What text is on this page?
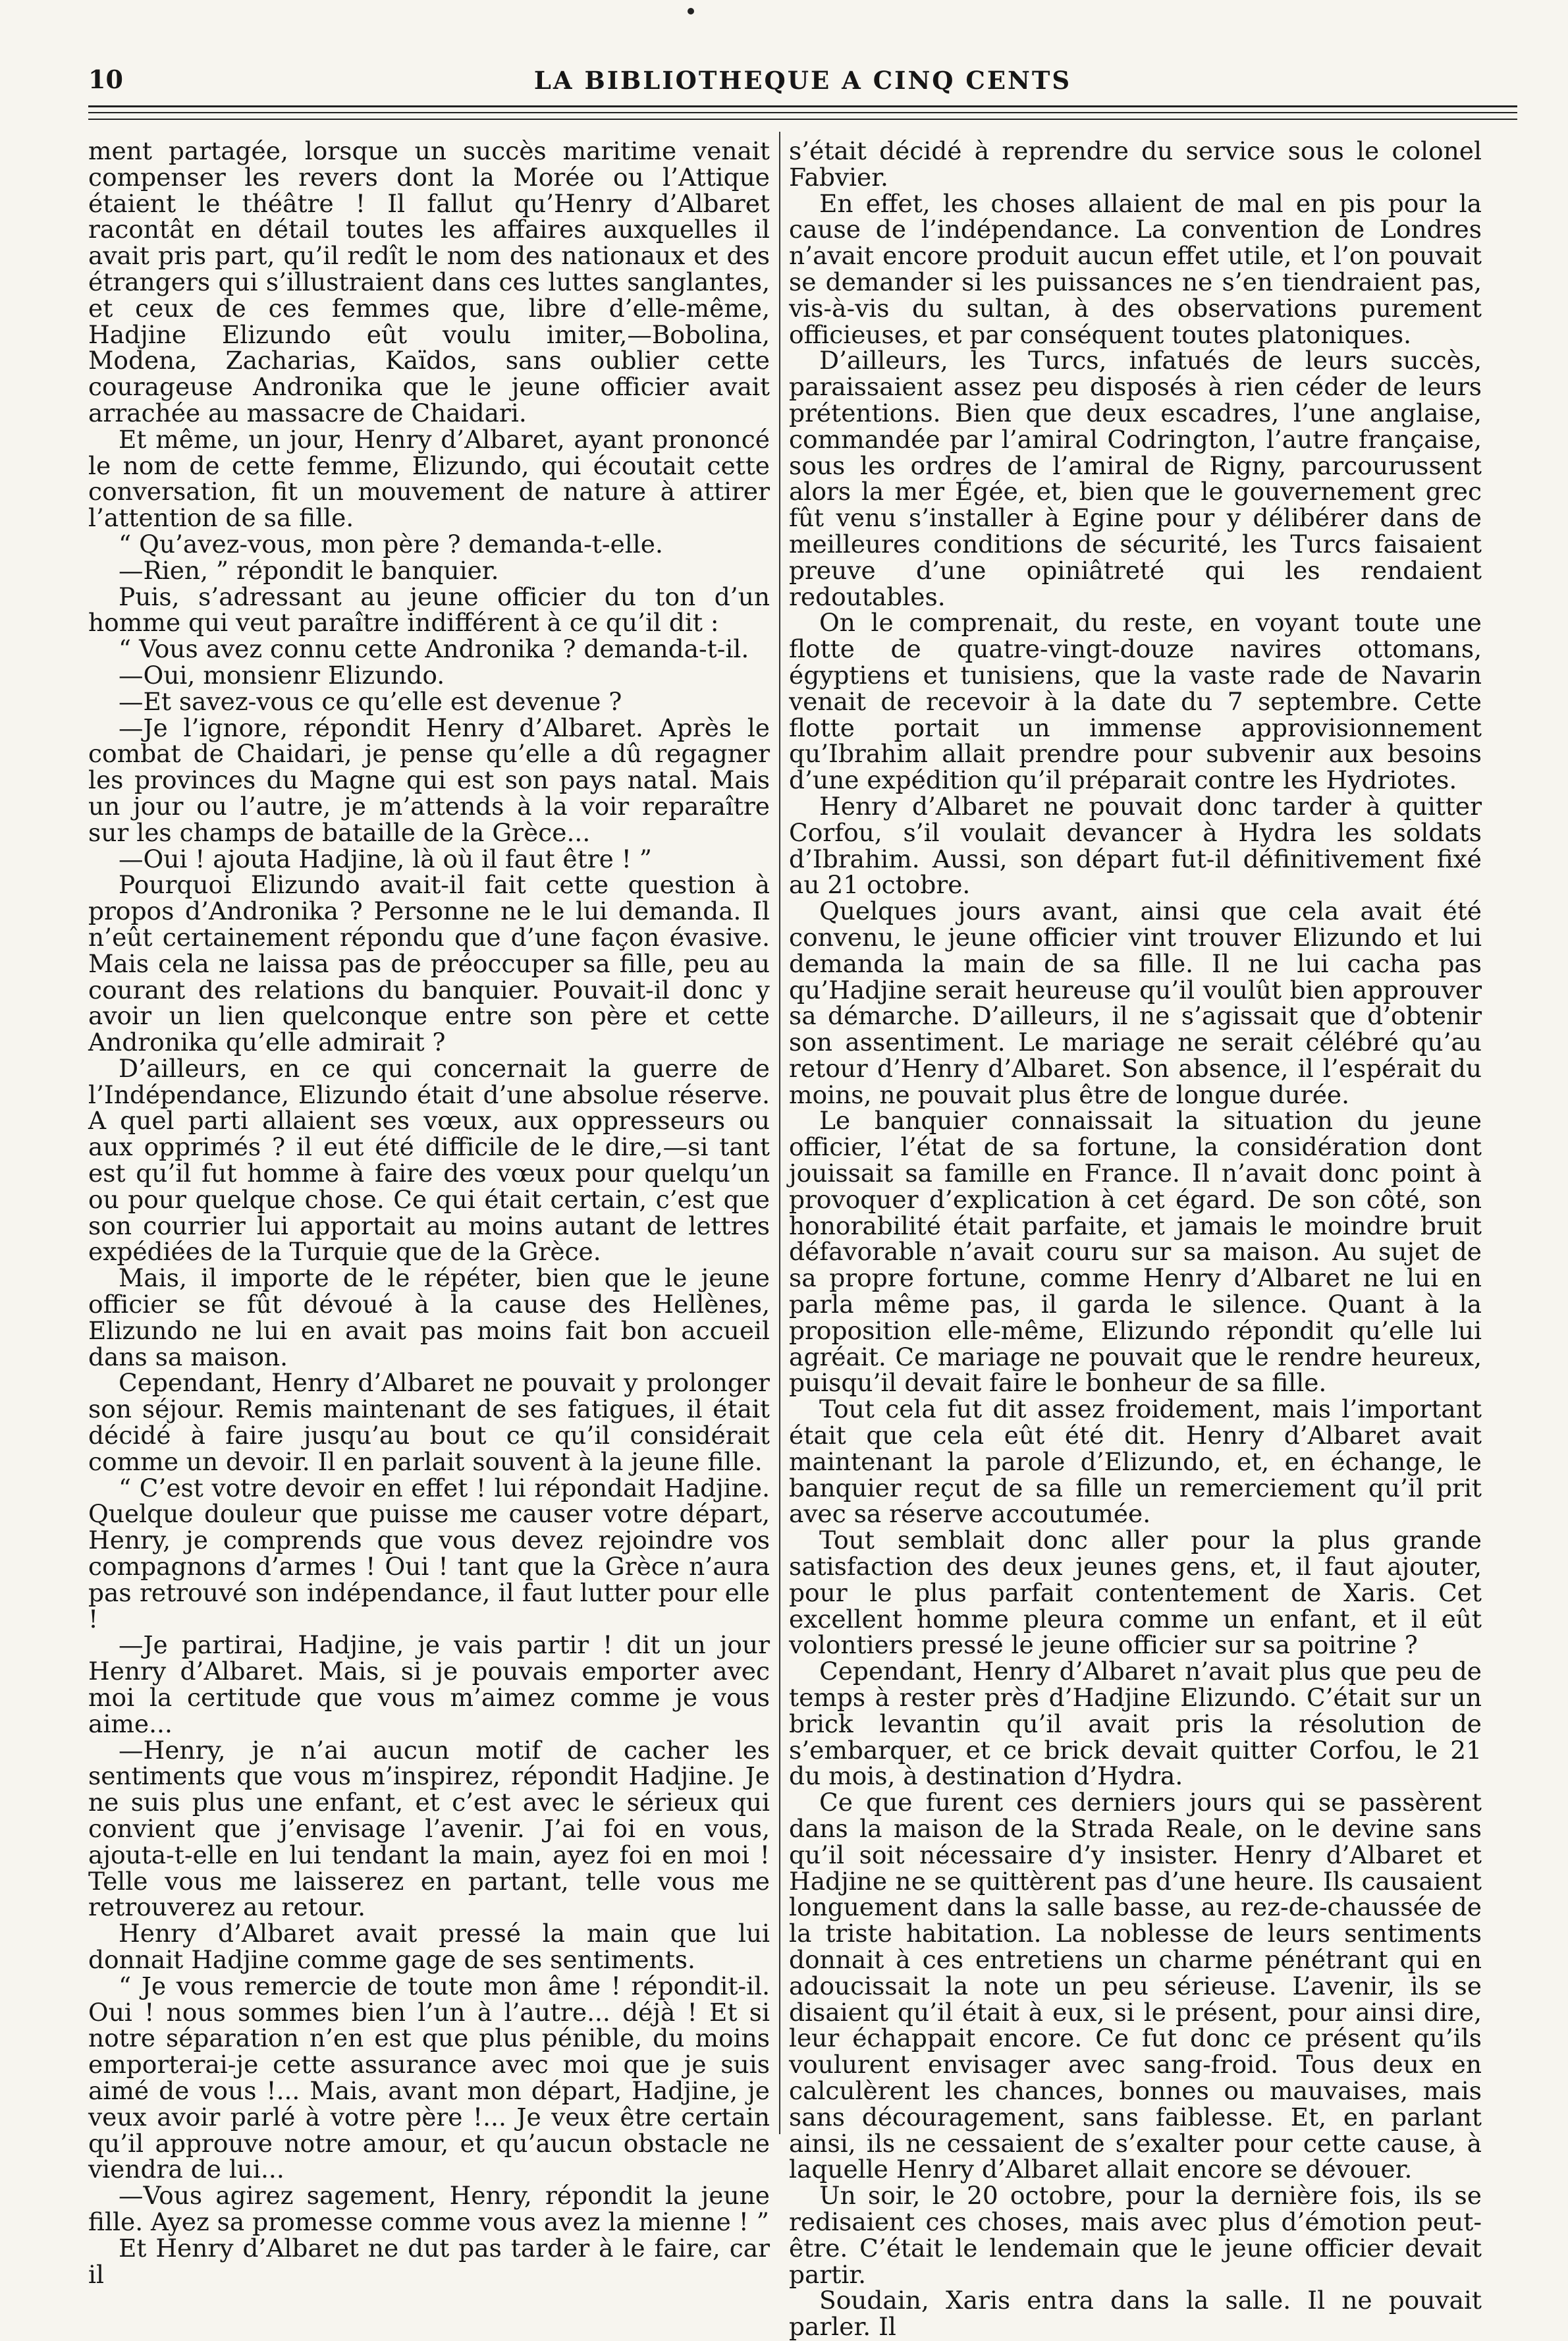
10	LA BIBLIOTHEQUE A CINQ CENTS

ment partagée, lorsque un succès maritime venait compenser les revers dont la Morée ou l’Attique étaient le théâtre ! Il fallut qu’Henry d’Albaret racontât en détail toutes les affaires auxquelles il avait pris part, qu’il redît le nom des nationaux et des étrangers qui s’illustraient dans ces luttes sanglantes, et ceux de ces femmes que, libre d’elle-même, Hadjine Elizundo eût voulu imiter,—Bobolina, Modena, Zacharias, Kaïdos, sans oublier cette courageuse Andronika que le jeune officier avait arrachée au massacre de Chaidari.

Et même, un jour, Henry d’Albaret, ayant prononcé le nom de cette femme, Elizundo, qui écoutait cette conversation, fit un mouvement de nature à attirer l’attention de sa fille.

“ Qu’avez-vous, mon père ? demanda-t-elle.

—Rien, ” répondit le banquier.

Puis, s’adressant au jeune officier du ton d’un homme qui veut paraître indifférent à ce qu’il dit :

“ Vous avez connu cette Andronika ? demanda-t-il.

—Oui, monsienr Elizundo.

—Et savez-vous ce qu’elle est devenue ?

—Je l’ignore, répondit Henry d’Albaret. Après le combat de Chaidari, je pense qu’elle a dû regagner les provinces du Magne qui est son pays natal. Mais un jour ou l’autre, je m’attends à la voir reparaître sur les champs de bataille de la Grèce...

—Oui ! ajouta Hadjine, là où il faut être ! ”

Pourquoi Elizundo avait-il fait cette question à propos d’Andronika ? Personne ne le lui demanda. Il n’eût certainement répondu que d’une façon évasive. Mais cela ne laissa pas de préoccuper sa fille, peu au courant des relations du banquier. Pouvait-il donc y avoir un lien quelconque entre son père et cette Andronika qu’elle admirait ?

D’ailleurs, en ce qui concernait la guerre de l’Indépendance, Elizundo était d’une absolue réserve. A quel parti allaient ses vœux, aux oppresseurs ou aux opprimés ? il eut été difficile de le dire,—si tant est qu’il fut homme à faire des vœux pour quelqu’un ou pour quelque chose. Ce qui était certain, c’est que son courrier lui apportait au moins autant de lettres expédiées de la Turquie que de la Grèce.

Mais, il importe de le répéter, bien que le jeune officier se fût dévoué à la cause des Hellènes, Elizundo ne lui en avait pas moins fait bon accueil dans sa maison.

Cependant, Henry d’Albaret ne pouvait y prolonger son séjour. Remis maintenant de ses fatigues, il était décidé à faire jusqu’au bout ce qu’il considérait comme un devoir. Il en parlait souvent à la jeune fille.

“ C’est votre devoir en effet ! lui répondait Hadjine. Quelque douleur que puisse me causer votre départ, Henry, je comprends que vous devez rejoindre vos compagnons d’armes ! Oui ! tant que la Grèce n’aura pas retrouvé son indépendance, il faut lutter pour elle !

—Je partirai, Hadjine, je vais partir ! dit un jour Henry d’Albaret. Mais, si je pouvais emporter avec moi la certitude que vous m’aimez comme je vous aime...

—Henry, je n’ai aucun motif de cacher les sentiments que vous m’inspirez, répondit Hadjine. Je ne suis plus une enfant, et c’est avec le sérieux qui convient que j’envisage l’avenir. J’ai foi en vous, ajouta-t-elle en lui tendant la main, ayez foi en moi ! Telle vous me laisserez en partant, telle vous me retrouverez au retour.

Henry d’Albaret avait pressé la main que lui donnait Hadjine comme gage de ses sentiments.

“ Je vous remercie de toute mon âme ! répondit-il. Oui ! nous sommes bien l’un à l’autre... déjà ! Et si notre séparation n’en est que plus pénible, du moins emporterai-je cette assurance avec moi que je suis aimé de vous !... Mais, avant mon départ, Hadjine, je veux avoir parlé à votre père !... Je veux être certain qu’il approuve notre amour, et qu’aucun obstacle ne viendra de lui...

—Vous agirez sagement, Henry, répondit la jeune fille. Ayez sa promesse comme vous avez la mienne ! ”

Et Henry d’Albaret ne dut pas tarder à le faire, car il

s’était décidé à reprendre du service sous le colonel Fabvier.

En effet, les choses allaient de mal en pis pour la cause de l’indépendance. La convention de Londres n’avait encore produit aucun effet utile, et l’on pouvait se demander si les puissances ne s’en tiendraient pas, vis-à-vis du sultan, à des observations purement officieuses, et par conséquent toutes platoniques.

D’ailleurs, les Turcs, infatués de leurs succès, paraissaient assez peu disposés à rien céder de leurs prétentions. Bien que deux escadres, l’une anglaise, commandée par l’amiral Codrington, l’autre française, sous les ordres de l’amiral de Rigny, parcourussent alors la mer Égée, et, bien que le gouvernement grec fût venu s’installer à Egine pour y délibérer dans de meilleures conditions de sécurité, les Turcs faisaient preuve d’une opiniâtreté qui les rendaient redoutables.

On le comprenait, du reste, en voyant toute une flotte de quatre-vingt-douze navires ottomans, égyptiens et tunisiens, que la vaste rade de Navarin venait de recevoir à la date du 7 septembre. Cette flotte portait un immense approvisionnement qu’Ibrahim allait prendre pour subvenir aux besoins d’une expédition qu’il préparait contre les Hydriotes.

Henry d’Albaret ne pouvait donc tarder à quitter Corfou, s’il voulait devancer à Hydra les soldats d’Ibrahim. Aussi, son départ fut-il définitivement fixé au 21 octobre.

Quelques jours avant, ainsi que cela avait été convenu, le jeune officier vint trouver Elizundo et lui demanda la main de sa fille. Il ne lui cacha pas qu’Hadjine serait heureuse qu’il voulût bien approuver sa démarche. D’ailleurs, il ne s’agissait que d’obtenir son assentiment. Le mariage ne serait célébré qu’au retour d’Henry d’Albaret. Son absence, il l’espérait du moins, ne pouvait plus être de longue durée.

Le banquier connaissait la situation du jeune officier, l’état de sa fortune, la considération dont jouissait sa famille en France. Il n’avait donc point à provoquer d’explication à cet égard. De son côté, son honorabilité était parfaite, et jamais le moindre bruit défavorable n’avait couru sur sa maison. Au sujet de sa propre fortune, comme Henry d’Albaret ne lui en parla même pas, il garda le silence. Quant à la proposition elle-même, Elizundo répondit qu’elle lui agréait. Ce mariage ne pouvait que le rendre heureux, puisqu’il devait faire le bonheur de sa fille.

Tout cela fut dit assez froidement, mais l’important était que cela eût été dit. Henry d’Albaret avait maintenant la parole d’Elizundo, et, en échange, le banquier reçut de sa fille un remerciement qu’il prit avec sa réserve accoutumée.

Tout semblait donc aller pour la plus grande satisfaction des deux jeunes gens, et, il faut ajouter, pour le plus parfait contentement de Xaris. Cet excellent homme pleura comme un enfant, et il eût volontiers pressé le jeune officier sur sa poitrine ?

Cependant, Henry d’Albaret n’avait plus que peu de temps à rester près d’Hadjine Elizundo. C’était sur un brick levantin qu’il avait pris la résolution de s’embarquer, et ce brick devait quitter Corfou, le 21 du mois, à destination d’Hydra.

Ce que furent ces derniers jours qui se passèrent dans la maison de la Strada Reale, on le devine sans qu’il soit nécessaire d’y insister. Henry d’Albaret et Hadjine ne se quittèrent pas d’une heure. Ils causaient longuement dans la salle basse, au rez-de-chaussée de la triste habitation. La noblesse de leurs sentiments donnait à ces entretiens un charme pénétrant qui en adoucissait la note un peu sérieuse. L’avenir, ils se disaient qu’il était à eux, si le présent, pour ainsi dire, leur échappait encore. Ce fut donc ce présent qu’ils voulurent envisager avec sang-froid. Tous deux en calculèrent les chances, bonnes ou mauvaises, mais sans découragement, sans faiblesse. Et, en parlant ainsi, ils ne cessaient de s’exalter pour cette cause, à laquelle Henry d’Albaret allait encore se dévouer.

Un soir, le 20 octobre, pour la dernière fois, ils se redisaient ces choses, mais avec plus d’émotion peut-être. C’était le lendemain que le jeune officier devait partir.

Soudain, Xaris entra dans la salle. Il ne pouvait parler. Il
